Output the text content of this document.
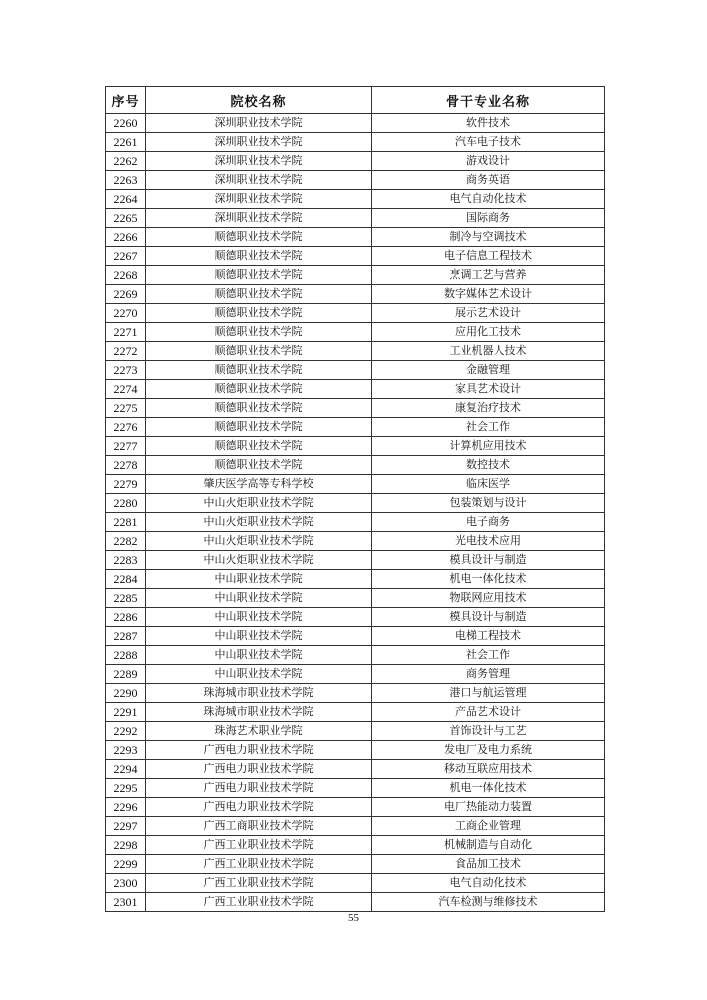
序号	院校名称	骨干专业名称
2260	深圳职业技术学院	软件技术
2261	深圳职业技术学院	汽车电子技术
2262	深圳职业技术学院	游戏设计
2263	深圳职业技术学院	商务英语
2264	深圳职业技术学院	电气自动化技术
2265	深圳职业技术学院	国际商务
2266	顺德职业技术学院	制冷与空调技术
2267	顺德职业技术学院	电子信息工程技术
2268	顺德职业技术学院	烹调工艺与营养
2269	顺德职业技术学院	数字媒体艺术设计
2270	顺德职业技术学院	展示艺术设计
2271	顺德职业技术学院	应用化工技术
2272	顺德职业技术学院	工业机器人技术
2273	顺德职业技术学院	金融管理
2274	顺德职业技术学院	家具艺术设计
2275	顺德职业技术学院	康复治疗技术
2276	顺德职业技术学院	社会工作
2277	顺德职业技术学院	计算机应用技术
2278	顺德职业技术学院	数控技术
2279	肇庆医学高等专科学校	临床医学
2280	中山火炬职业技术学院	包装策划与设计
2281	中山火炬职业技术学院	电子商务
2282	中山火炬职业技术学院	光电技术应用
2283	中山火炬职业技术学院	模具设计与制造
2284	中山职业技术学院	机电一体化技术
2285	中山职业技术学院	物联网应用技术
2286	中山职业技术学院	模具设计与制造
2287	中山职业技术学院	电梯工程技术
2288	中山职业技术学院	社会工作
2289	中山职业技术学院	商务管理
2290	珠海城市职业技术学院	港口与航运管理
2291	珠海城市职业技术学院	产品艺术设计
2292	珠海艺术职业学院	首饰设计与工艺
2293	广西电力职业技术学院	发电厂及电力系统
2294	广西电力职业技术学院	移动互联应用技术
2295	广西电力职业技术学院	机电一体化技术
2296	广西电力职业技术学院	电厂热能动力装置
2297	广西工商职业技术学院	工商企业管理
2298	广西工业职业技术学院	机械制造与自动化
2299	广西工业职业技术学院	食品加工技术
2300	广西工业职业技术学院	电气自动化技术
2301	广西工业职业技术学院	汽车检测与维修技术
55
